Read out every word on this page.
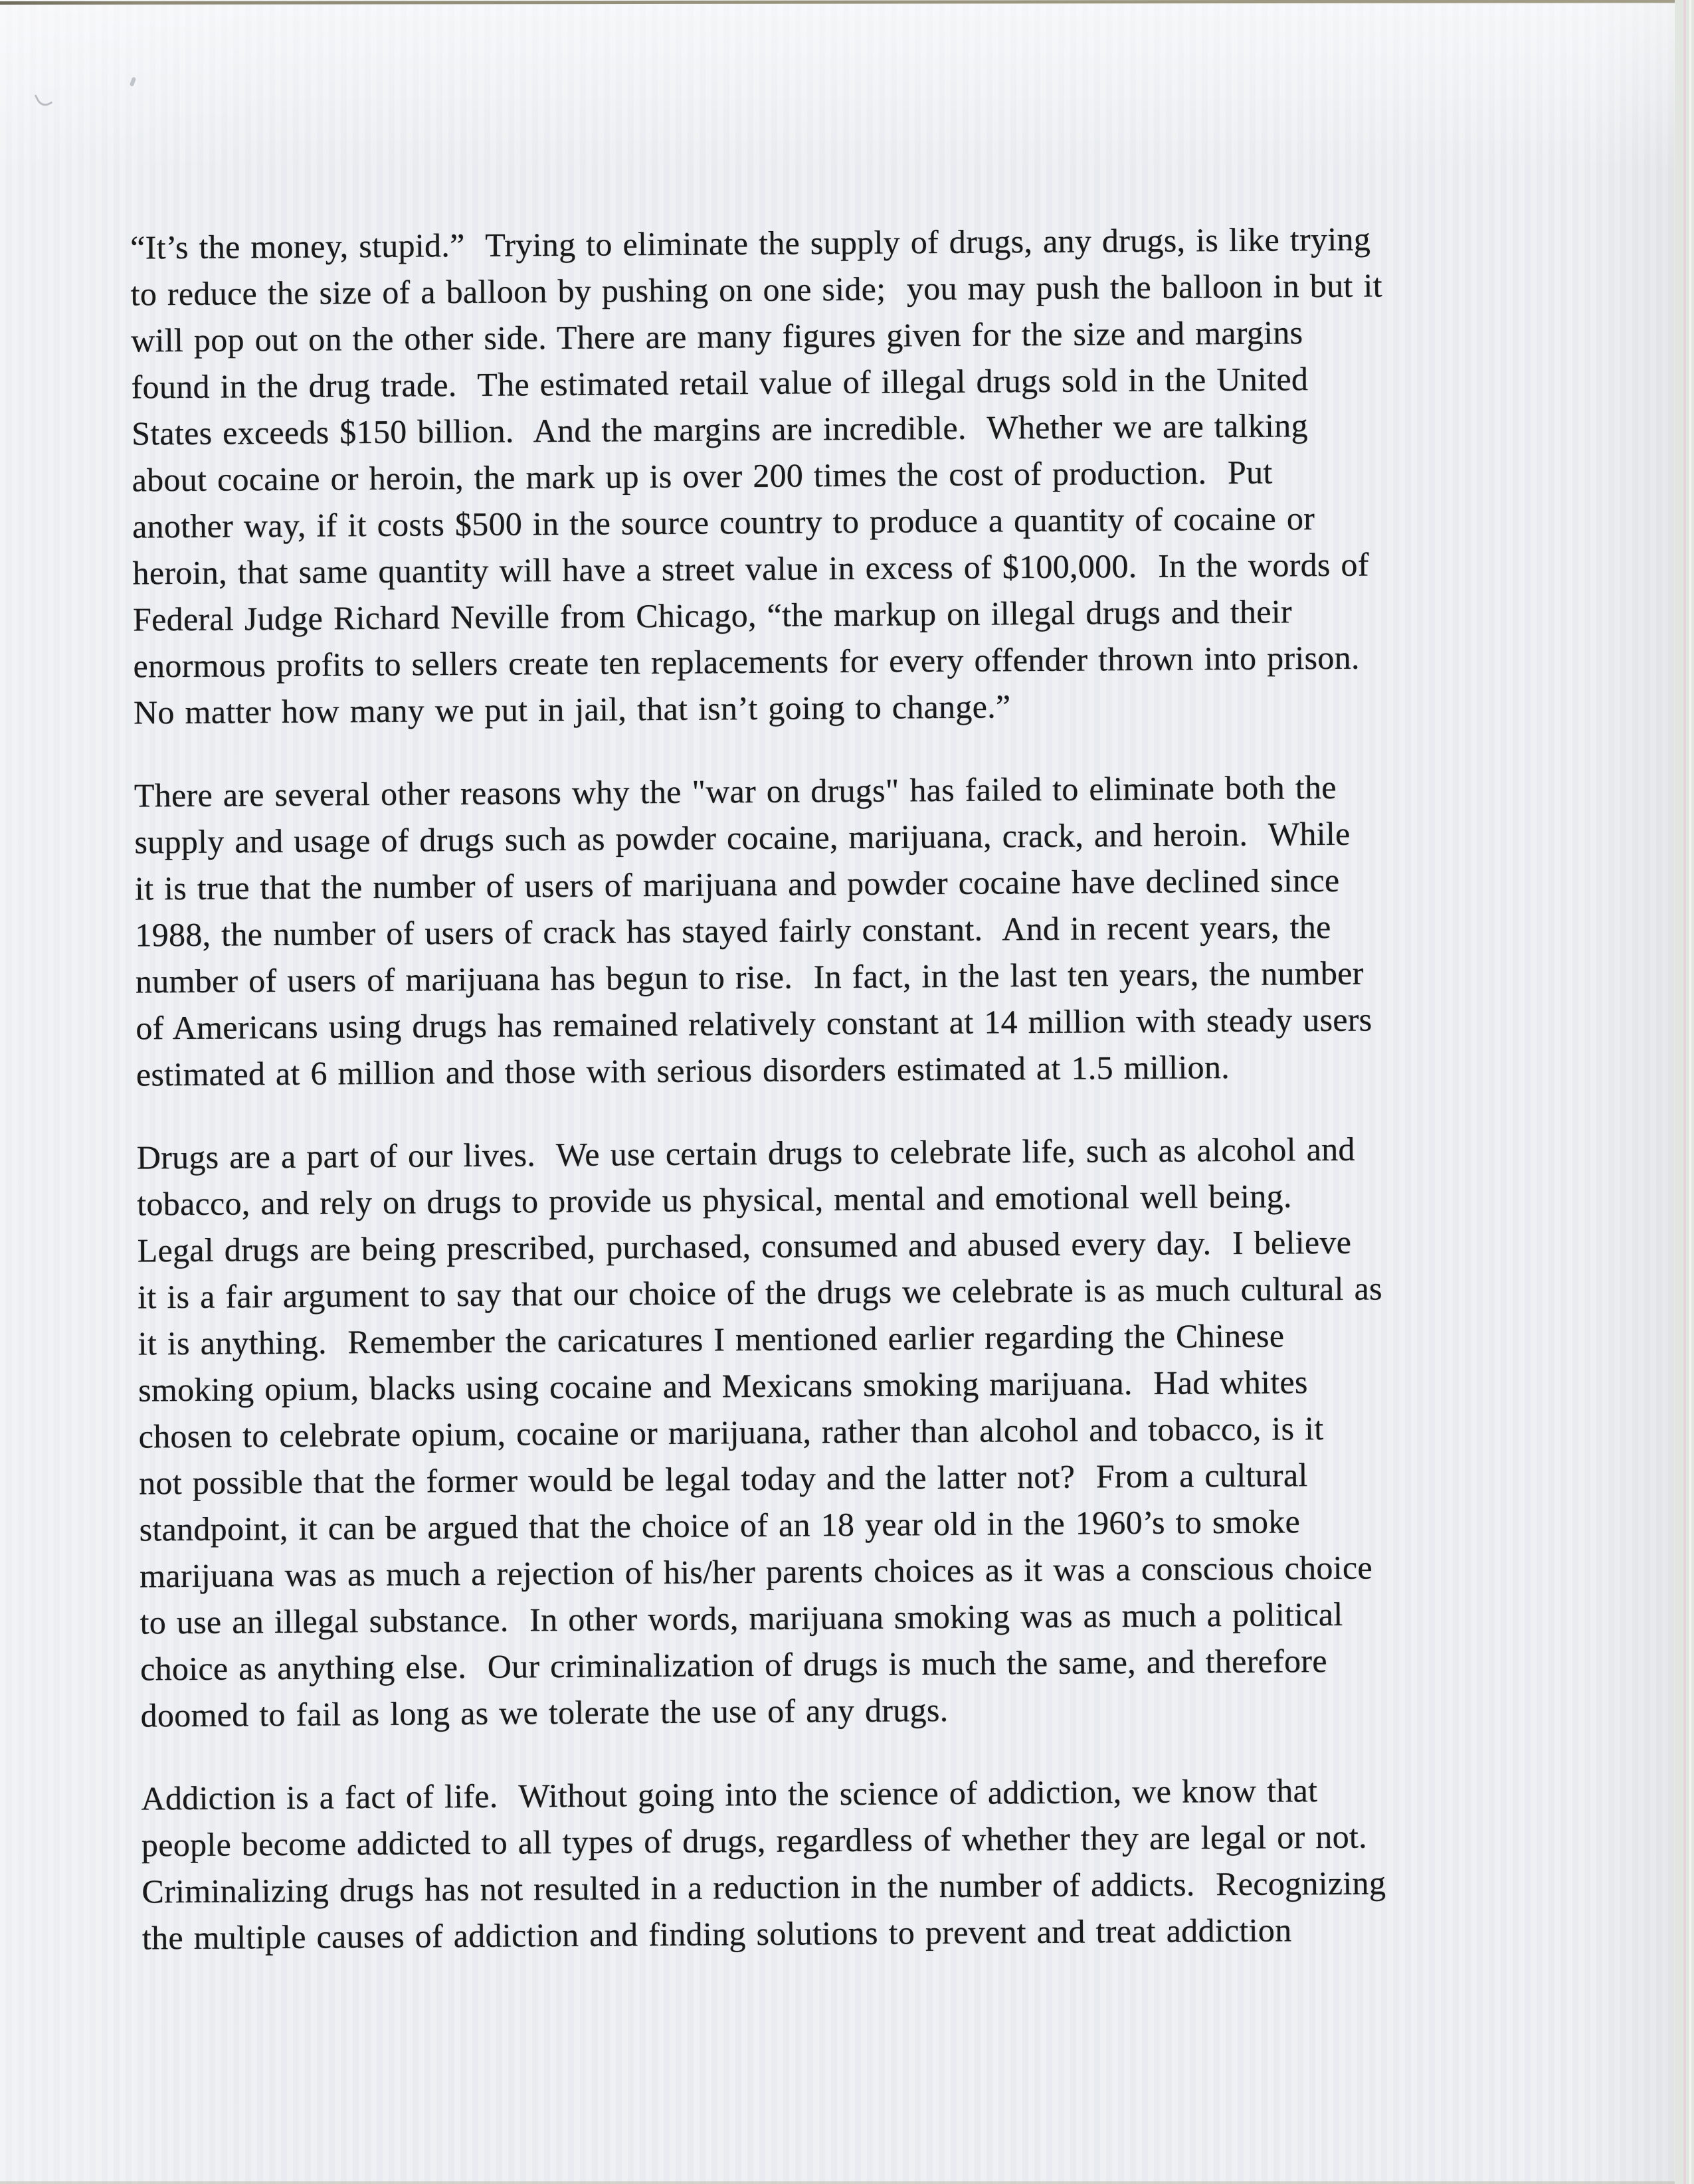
“It’s the money, stupid.”  Trying to eliminate the supply of drugs, any drugs, is like trying
to reduce the size of a balloon by pushing on one side;  you may push the balloon in but it
will pop out on the other side. There are many figures given for the size and margins
found in the drug trade.  The estimated retail value of illegal drugs sold in the United
States exceeds $150 billion.  And the margins are incredible.  Whether we are talking
about cocaine or heroin, the mark up is over 200 times the cost of production.  Put
another way, if it costs $500 in the source country to produce a quantity of cocaine or
heroin, that same quantity will have a street value in excess of $100,000.  In the words of
Federal Judge Richard Neville from Chicago, “the markup on illegal drugs and their
enormous profits to sellers create ten replacements for every offender thrown into prison.
No matter how many we put in jail, that isn’t going to change.”

There are several other reasons why the "war on drugs" has failed to eliminate both the
supply and usage of drugs such as powder cocaine, marijuana, crack, and heroin.  While
it is true that the number of users of marijuana and powder cocaine have declined since
1988, the number of users of crack has stayed fairly constant.  And in recent years, the
number of users of marijuana has begun to rise.  In fact, in the last ten years, the number
of Americans using drugs has remained relatively constant at 14 million with steady users
estimated at 6 million and those with serious disorders estimated at 1.5 million.

Drugs are a part of our lives.  We use certain drugs to celebrate life, such as alcohol and
tobacco, and rely on drugs to provide us physical, mental and emotional well being.
Legal drugs are being prescribed, purchased, consumed and abused every day.  I believe
it is a fair argument to say that our choice of the drugs we celebrate is as much cultural as
it is anything.  Remember the caricatures I mentioned earlier regarding the Chinese
smoking opium, blacks using cocaine and Mexicans smoking marijuana.  Had whites
chosen to celebrate opium, cocaine or marijuana, rather than alcohol and tobacco, is it
not possible that the former would be legal today and the latter not?  From a cultural
standpoint, it can be argued that the choice of an 18 year old in the 1960’s to smoke
marijuana was as much a rejection of his/her parents choices as it was a conscious choice
to use an illegal substance.  In other words, marijuana smoking was as much a political
choice as anything else.  Our criminalization of drugs is much the same, and therefore
doomed to fail as long as we tolerate the use of any drugs.

Addiction is a fact of life.  Without going into the science of addiction, we know that
people become addicted to all types of drugs, regardless of whether they are legal or not.
Criminalizing drugs has not resulted in a reduction in the number of addicts.  Recognizing
the multiple causes of addiction and finding solutions to prevent and treat addiction
